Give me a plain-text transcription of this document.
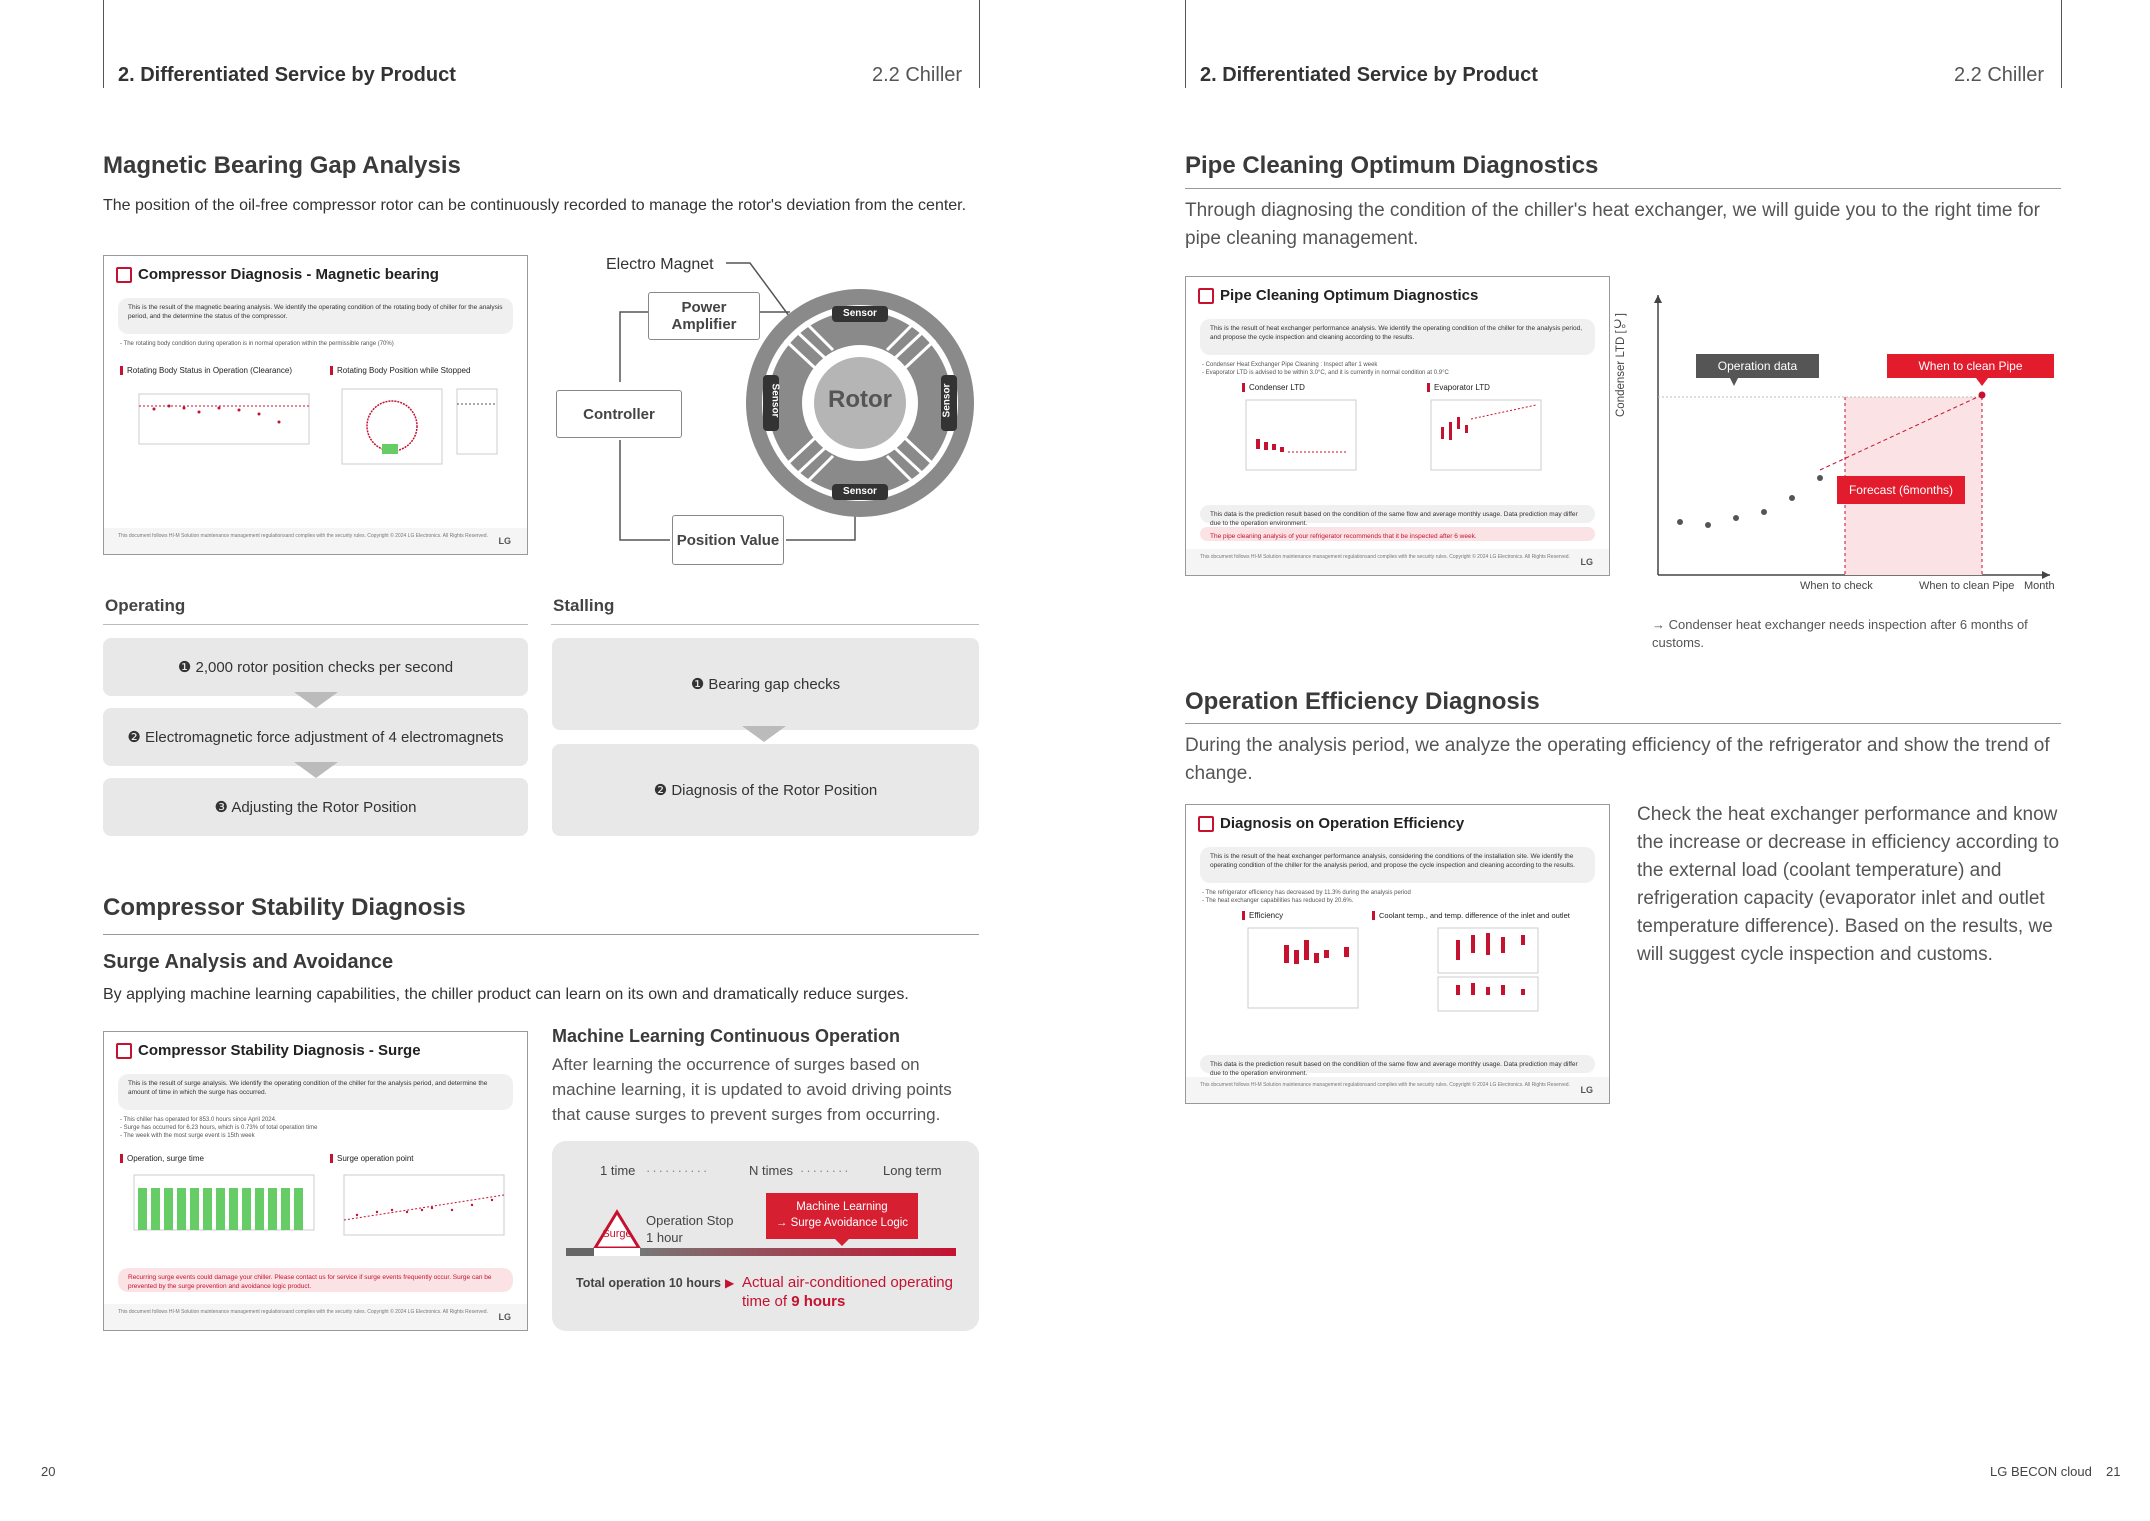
2. Differentiated Service by Product	2.2 Chiller	2. Differentiated Service by Product	2.2 Chiller
Magnetic Bearing Gap Analysis
The position of the oil-free compressor rotor can be continuously recorded to manage the rotor's deviation from the center.
Compressor Diagnosis - Magnetic bearing
This is the result of the magnetic bearing analysis. We identify the operating condition of the rotating body of chiller for the analysis period, and the determine the status of the compressor.
- The rotating body condition during operation is in normal operation within the permissible range (70%)
Rotating Body Status in Operation (Clearance)	Rotating Body Position while Stopped
This document follows HI-M Solution maintenance management regulationsand complies with the security rules. Copyright © 2024 LG Electronics. All Rights Reserved.	LG
Electro Magnet
Power Amplifier
Controller
Position Value
Rotor
Sensor
Sensor
Sensor	Sensor
Operating	Stalling
❶ 2,000 rotor position checks per second
❷ Electromagnetic force adjustment of 4 electromagnets
❸ Adjusting the Rotor Position
❶ Bearing gap checks
❷ Diagnosis of the Rotor Position
Compressor Stability Diagnosis
Surge Analysis and Avoidance
By applying machine learning capabilities, the chiller product can learn on its own and dramatically reduce surges.
Compressor Stability Diagnosis - Surge
This is the result of surge analysis. We identify the operating condition of the chiller for the analysis period, and determine the amount of time in which the surge has occurred.
- This chiller has operated for 853.0 hours since April 2024.
- Surge has occurred for 6.23 hours, which is 0.73% of total operation time
- The week with the most surge event is 15th week
Operation, surge time	Surge operation point
Recurring surge events could damage your chiller. Please contact us for service if surge events frequently occur. Surge can be prevented by the surge prevention and avoidance logic product.
This document follows HI-M Solution maintenance management regulationsand complies with the security rules. Copyright © 2024 LG Electronics. All Rights Reserved.	LG
Machine Learning Continuous Operation
After learning the occurrence of surges based on machine learning, it is updated to avoid driving points that cause surges to prevent surges from occurring.
1 time ··········	N times ········ Long term
Surge
Operation Stop
1 hour
Machine Learning
→ Surge Avoidance Logic
Total operation 10 hours ▶ Actual air-conditioned operating
time of 9 hours
Pipe Cleaning Optimum Diagnostics
Through diagnosing the condition of the chiller's heat exchanger, we will guide you to the right time for pipe cleaning management.
Pipe Cleaning Optimum Diagnostics
This is the result of heat exchanger performance analysis. We identify the operating condition of the chiller for the analysis period, and propose the cycle inspection and cleaning according to the results.
- Condenser Heat Exchanger Pipe Cleaning : Inspect after 1 week
- Evaporator LTD is advised to be within 3.0°C, and it is currently in normal condition at 0.9°C
Condenser LTD	Evaporator LTD
This data is the prediction result based on the condition of the same flow and average monthly usage. Data prediction may differ due to the operation environment.
The pipe cleaning analysis of your refrigerator recommends that it be inspected after 6 week.
This document follows HI-M Solution maintenance management regulationsand complies with the security rules. Copyright © 2024 LG Electronics. All Rights Reserved.	LG
Condenser LTD [℃]	Operation data	When to clean Pipe
Forecast (6months)
When to check	When to clean Pipe Month
→ Condenser heat exchanger needs inspection after 6 months of customs.
Operation Efficiency Diagnosis
During the analysis period, we analyze the operating efficiency of the refrigerator and show the trend of change.
Diagnosis on Operation Efficiency
This is the result of the heat exchanger performance analysis, considering the conditions of the installation site. We identify the operating condition of the chiller for the analysis period, and propose the cycle inspection and cleaning according to the results.
- The refrigerator efficiency has decreased by 11.3% during the analysis period
- The heat exchanger capabilities has reduced by 20.6%.
Efficiency	Coolant temp., and temp. difference of the inlet and outlet
This data is the prediction result based on the condition of the same flow and average monthly usage. Data prediction may differ due to the operation environment.
This document follows HI-M Solution maintenance management regulationsand complies with the security rules. Copyright © 2024 LG Electronics. All Rights Reserved.	LG
Check the heat exchanger performance and know the increase or decrease in efficiency according to the external load (coolant temperature) and refrigeration capacity (evaporator inlet and outlet temperature difference). Based on the results, we will suggest cycle inspection and customs.
20	LG BECON cloud 21
